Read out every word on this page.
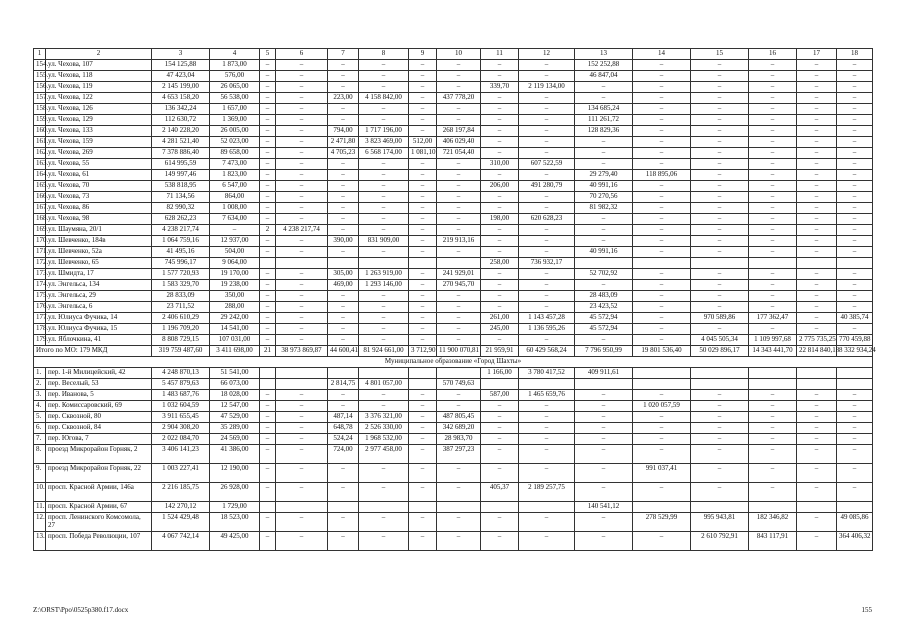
1	2	3	4	5	6	7	8	9	10	11	12	13	14	15	16	17	18
154.	ул. Чехова, 107	154 125,88	1 873,00	–	–	–	–	–	–	–	–	152 252,88	–	–	–	–	–
155.	ул. Чехова, 118	47 423,04	576,00	–	–	–	–	–	–	–	–	46 847,04	–	–	–	–	–
156.	ул. Чехова, 119	2 145 199,00	26 065,00	–	–	–	–	–	–	339,70	2 119 134,00	–	–	–	–	–	–
157.	ул. Чехова, 122	4 653 158,20	56 538,00	–	–	223,00	4 158 842,00	–	437 778,20	–	–	–	–	–	–	–	–
158.	ул. Чехова, 126	136 342,24	1 657,00	–	–	–	–	–	–	–	–	134 685,24	–	–	–	–	–
159.	ул. Чехова, 129	112 630,72	1 369,00	–	–	–	–	–	–	–	–	111 261,72	–	–	–	–	–
160.	ул. Чехова, 133	2 140 228,20	26 005,00	–	–	794,00	1 717 196,00	–	268 197,84	–	–	128 829,36	–	–	–	–	–
161.	ул. Чехова, 159	4 281 521,40	52 023,00	–	–	2 471,80	3 823 469,00	512,00	406 029,40	–	–	–	–	–	–	–	–
162.	ул. Чехова, 269	7 378 886,40	89 658,00	–	–	4 705,23	6 568 174,00	1 081,10	721 054,40	–	–	–	–	–	–	–	–
163.	ул. Чехова, 55	614 995,59	7 473,00	–	–	–	–	–	–	310,00	607 522,59	–	–	–	–	–	–
164.	ул. Чехова, 61	149 997,46	1 823,00	–	–	–	–	–	–	–	–	29 279,40	118 895,06	–	–	–	–
165.	ул. Чехова, 70	538 818,95	6 547,00	–	–	–	–	–	–	206,00	491 280,79	40 991,16	–	–	–	–	–
166.	ул. Чехова, 73	71 134,56	864,00	–	–	–	–	–	–	–	–	70 270,56	–	–	–	–	–
167.	ул. Чехова, 86	82 990,32	1 008,00	–	–	–	–	–	–	–	–	81 982,32	–	–	–	–	–
168.	ул. Чехова, 98	628 262,23	7 634,00	–	–	–	–	–	–	198,00	620 628,23	–	–	–	–	–	–
169.	ул. Шаумяна, 20/1	4 238 217,74	–	2	4 238 217,74	–	–	–	–	–	–	–	–	–	–	–	–
170.	ул. Шевченко, 184в	1 064 759,16	12 937,00	–	–	390,00	831 909,00	–	219 913,16	–	–	–	–	–	–	–	–
171.	ул. Шевченко, 52а	41 495,16	504,00	–	–	–	–	–	–	–	–	40 991,16	–	–	–	–	–
172.	ул. Шевченко, 65	745 996,17	9 064,00							258,00	736 932,17						
173.	ул. Шмидта, 17	1 577 720,93	19 170,00	–	–	305,00	1 263 919,00	–	241 929,01	–	–	52 702,92	–	–	–	–	–
174.	ул. Энгельса, 134	1 583 329,70	19 238,00	–	–	469,00	1 293 146,00	–	270 945,70	–	–	–	–	–	–	–	–
175.	ул. Энгельса, 29	28 833,09	350,00	–	–	–	–	–	–	–	–	28 483,09	–	–	–	–	–
176.	ул. Энгельса, 6	23 711,52	288,00	–	–	–	–	–	–	–	–	23 423,52	–	–	–	–	–
177.	ул. Юлиуса Фучика, 14	2 406 610,29	29 242,00	–	–	–	–	–	–	261,00	1 143 457,28	45 572,94	–	970 589,86	177 362,47	–	40 385,74
178.	ул. Юлиуса Фучика, 15	1 196 709,20	14 541,00	–	–	–	–	–	–	245,00	1 136 595,26	45 572,94	–	–	–	–	–
179.	ул. Яблочкина, 41	8 808 729,15	107 031,00	–	–	–	–	–	–	–	–	–	–	4 045 505,34	1 109 997,68	2 775 735,25	770 459,88
Итого по МО: 179 МКД		319 759 487,60	3 411 698,00	21	38 973 869,87	44 600,41	81 924 661,00	3 712,90	11 900 070,81	21 959,91	60 429 568,24	7 796 950,99	19 801 536,40	50 029 896,17	14 343 441,70	22 814 840,18	8 332 934,24
Муниципальное образование «Город Шахты»																	
1.	пер. 1-й Милицейский, 42	4 248 870,13	51 541,00							1 166,00	3 780 417,52	409 911,61					
2.	пер. Веселый, 53	5 457 879,63	66 073,00			2 814,75	4 801 057,00		570 749,63								
3.	пер. Иванова, 5	1 483 687,76	18 028,00	–	–	–	–	–	–	587,00	1 465 659,76	–	–	–	–	–	–
4.	пер. Комиссаровский, 69	1 032 604,59	12 547,00	–	–	–	–	–	–	–	–	–	1 020 057,59	–	–	–	–
5.	пер. Сквозной, 80	3 911 655,45	47 529,00	–	–	487,14	3 376 321,00	–	487 805,45	–	–	–	–	–	–	–	–
6.	пер. Сквозной, 84	2 904 308,20	35 289,00	–	–	648,78	2 526 330,00	–	342 689,20	–	–	–	–	–	–	–	–
7.	пер. Югова, 7	2 022 084,70	24 569,00	–	–	524,24	1 968 532,00	–	28 983,70	–	–	–	–	–	–	–	–
8.	проезд Микрорайон Горняк, 2	3 406 141,23	41 386,00	–	–	724,00	2 977 458,00	–	387 297,23	–	–	–	–	–	–	–	–
9.	проезд Микрорайон Горняк, 22	1 003 227,41	12 190,00	–	–	–	–	–	–	–	–	–	991 037,41	–	–	–	–
10.	просп. Красной Армии, 146а	2 216 185,75	26 928,00	–	–	–	–	–	–	405,37	2 189 257,75	–	–	–	–	–	–
11.	просп. Красной Армии, 67	142 270,12	1 729,00									140 541,12					
12.	просп. Ленинского Комсомола, 27	1 524 429,48	18 523,00	–	–	–	–	–	–	–	–	–	278 529,99	995 943,81	182 346,82	–	49 085,86
13.	просп. Победа Революции, 107	4 067 742,14	49 425,00	–	–	–	–	–	–	–	–	–	–	2 610 792,91	843 117,91	–	364 406,32
Z:\ORST\Ppo\0525p380.f17.docx	155
